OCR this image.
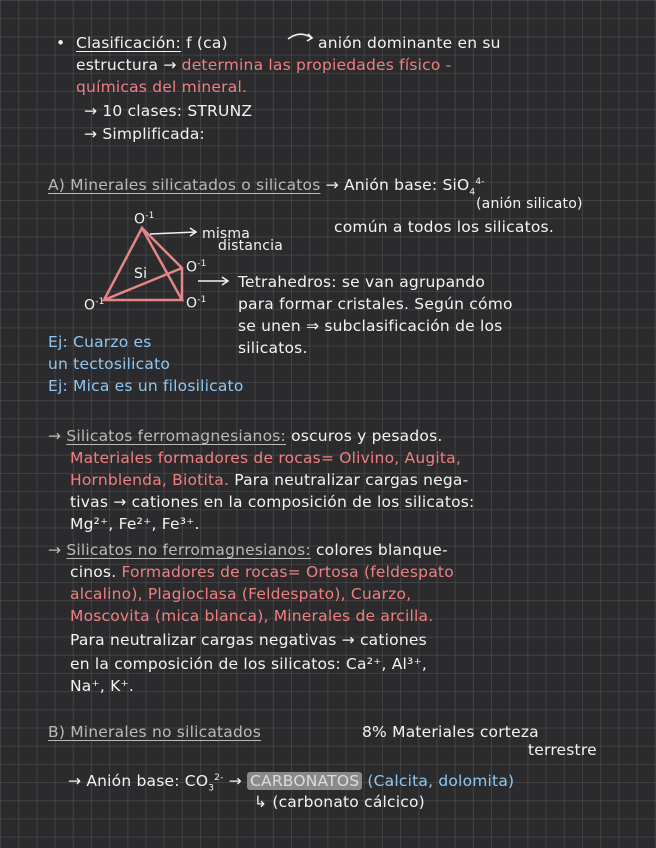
• Clasificación: f (ca)	anión dominante en su
estructura → determina las propiedades físico -
químicas del mineral.
→ 10 clases: STRUNZ
→ Simplificada:
A) Minerales silicatados o silicatos → Anión base: SiO$_4^{4-}$
(anión silicato)
común a todos los silicatos.
$O^{-1}$
misma
distancia
$O^{-1}$
Si
$O^{-1}$	$O^{-1}$
Tetrahedros: se van agrupando
para formar cristales. Según cómo
se unen ⇒ subclasificación de los
silicatos.
Ej: Cuarzo es
un tectosilicato
Ej: Mica es un filosilicato
→ Silicatos ferromagnesianos: oscuros y pesados.
Materiales formadores de rocas= Olivino, Augita,
Hornblenda, Biotita. Para neutralizar cargas nega-
tivas → cationes en la composición de los silicatos:
Mg²⁺, Fe²⁺, Fe³⁺.
→ Silicatos no ferromagnesianos: colores blanque-
cinos. Formadores de rocas= Ortosa (feldespato
alcalino), Plagioclasa (Feldespato), Cuarzo,
Moscovita (mica blanca), Minerales de arcilla.
Para neutralizar cargas negativas → cationes
en la composición de los silicatos: Ca²⁺, Al³⁺,
Na⁺, K⁺.
B) Minerales no silicatados	8% Materiales corteza
terrestre
→ Anión base: $CO_3^{2-}$ → CARBONATOS (Calcita, dolomita)
↳ (carbonato cálcico)
